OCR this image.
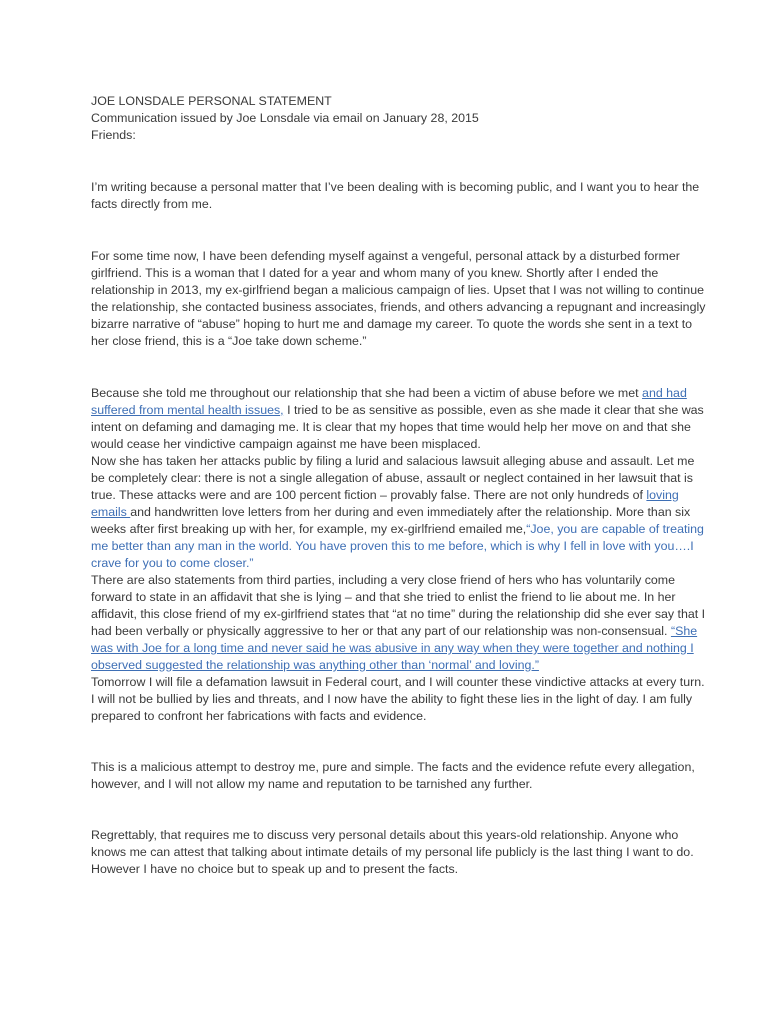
JOE LONSDALE PERSONAL STATEMENT

Communication issued by Joe Lonsdale via email on January 28, 2015

Friends:

I’m writing because a personal matter that I’ve been dealing with is becoming public, and I want you to hear the facts directly from me.

For some time now, I have been defending myself against a vengeful, personal attack by a disturbed former girlfriend. This is a woman that I dated for a year and whom many of you knew. Shortly after I ended the relationship in 2013, my ex-girlfriend began a malicious campaign of lies. Upset that I was not willing to continue the relationship, she contacted business associates, friends, and others advancing a repugnant and increasingly bizarre narrative of “abuse” hoping to hurt me and damage my career. To quote the words she sent in a text to her close friend, this is a “Joe take down scheme.”

Because she told me throughout our relationship that she had been a victim of abuse before we met and had suffered from mental health issues, I tried to be as sensitive as possible, even as she made it clear that she was intent on defaming and damaging me. It is clear that my hopes that time would help her move on and that she would cease her vindictive campaign against me have been misplaced.

Now she has taken her attacks public by filing a lurid and salacious lawsuit alleging abuse and assault. Let me be completely clear: there is not a single allegation of abuse, assault or neglect contained in her lawsuit that is true. These attacks were and are 100 percent fiction – provably false. There are not only hundreds of loving emails and handwritten love letters from her during and even immediately after the relationship. More than six weeks after first breaking up with her, for example, my ex-girlfriend emailed me,“Joe, you are capable of treating me better than any man in the world. You have proven this to me before, which is why I fell in love with you….I crave for you to come closer.”

There are also statements from third parties, including a very close friend of hers who has voluntarily come forward to state in an affidavit that she is lying – and that she tried to enlist the friend to lie about me. In her affidavit, this close friend of my ex-girlfriend states that “at no time” during the relationship did she ever say that I had been verbally or physically aggressive to her or that any part of our relationship was non-consensual. “She was with Joe for a long time and never said he was abusive in any way when they were together and nothing I observed suggested the relationship was anything other than ‘normal’ and loving.”

Tomorrow I will file a defamation lawsuit in Federal court, and I will counter these vindictive attacks at every turn. I will not be bullied by lies and threats, and I now have the ability to fight these lies in the light of day. I am fully prepared to confront her fabrications with facts and evidence.

This is a malicious attempt to destroy me, pure and simple. The facts and the evidence refute every allegation, however, and I will not allow my name and reputation to be tarnished any further.

Regrettably, that requires me to discuss very personal details about this years-old relationship. Anyone who knows me can attest that talking about intimate details of my personal life publicly is the last thing I want to do. However I have no choice but to speak up and to present the facts.
